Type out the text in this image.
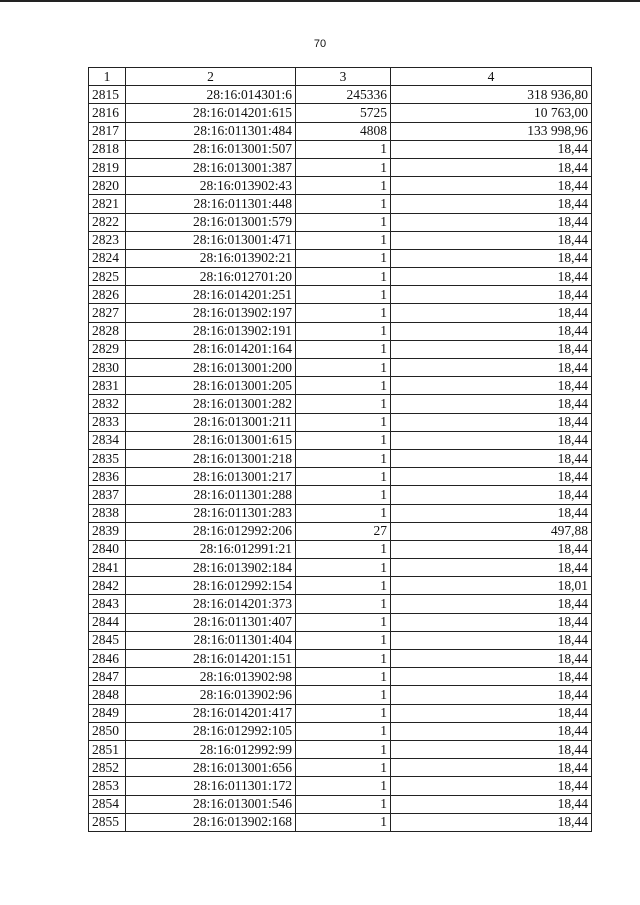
70
1	2	3	4
2815	28:16:014301:6	245336	318 936,80
2816	28:16:014201:615	5725	10 763,00
2817	28:16:011301:484	4808	133 998,96
2818	28:16:013001:507	1	18,44
2819	28:16:013001:387	1	18,44
2820	28:16:013902:43	1	18,44
2821	28:16:011301:448	1	18,44
2822	28:16:013001:579	1	18,44
2823	28:16:013001:471	1	18,44
2824	28:16:013902:21	1	18,44
2825	28:16:012701:20	1	18,44
2826	28:16:014201:251	1	18,44
2827	28:16:013902:197	1	18,44
2828	28:16:013902:191	1	18,44
2829	28:16:014201:164	1	18,44
2830	28:16:013001:200	1	18,44
2831	28:16:013001:205	1	18,44
2832	28:16:013001:282	1	18,44
2833	28:16:013001:211	1	18,44
2834	28:16:013001:615	1	18,44
2835	28:16:013001:218	1	18,44
2836	28:16:013001:217	1	18,44
2837	28:16:011301:288	1	18,44
2838	28:16:011301:283	1	18,44
2839	28:16:012992:206	27	497,88
2840	28:16:012991:21	1	18,44
2841	28:16:013902:184	1	18,44
2842	28:16:012992:154	1	18,01
2843	28:16:014201:373	1	18,44
2844	28:16:011301:407	1	18,44
2845	28:16:011301:404	1	18,44
2846	28:16:014201:151	1	18,44
2847	28:16:013902:98	1	18,44
2848	28:16:013902:96	1	18,44
2849	28:16:014201:417	1	18,44
2850	28:16:012992:105	1	18,44
2851	28:16:012992:99	1	18,44
2852	28:16:013001:656	1	18,44
2853	28:16:011301:172	1	18,44
2854	28:16:013001:546	1	18,44
2855	28:16:013902:168	1	18,44
